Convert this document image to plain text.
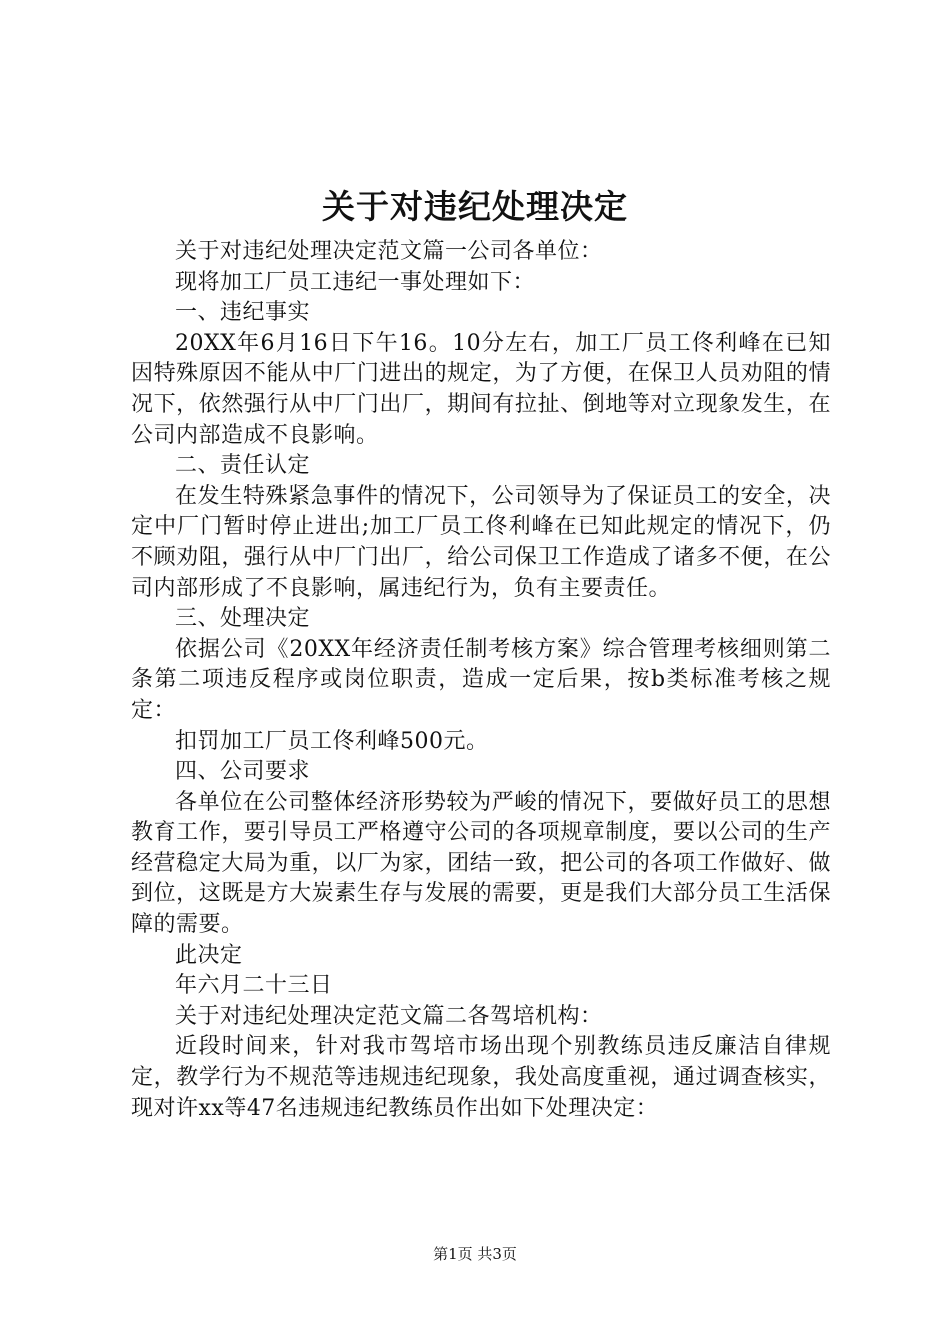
关于对违纪处理决定

关于对违纪处理决定范文篇一公司各单位：

现将加工厂员工违纪一事处理如下：

一、违纪事实

20XX年6月16日下午16。10分左右，加工厂员工佟利峰在已知因特殊原因不能从中厂门进出的规定，为了方便，在保卫人员劝阻的情况下，依然强行从中厂门出厂，期间有拉扯、倒地等对立现象发生，在公司内部造成不良影响。

二、责任认定

在发生特殊紧急事件的情况下，公司领导为了保证员工的安全，决定中厂门暂时停止进出;加工厂员工佟利峰在已知此规定的情况下，仍不顾劝阻，强行从中厂门出厂，给公司保卫工作造成了诸多不便，在公司内部形成了不良影响，属违纪行为，负有主要责任。

三、处理决定

依据公司《20XX年经济责任制考核方案》综合管理考核细则第二条第二项违反程序或岗位职责，造成一定后果，按b类标准考核之规定：

扣罚加工厂员工佟利峰500元。

四、公司要求

各单位在公司整体经济形势较为严峻的情况下，要做好员工的思想教育工作，要引导员工严格遵守公司的各项规章制度，要以公司的生产经营稳定大局为重，以厂为家，团结一致，把公司的各项工作做好、做到位，这既是方大炭素生存与发展的需要，更是我们大部分员工生活保障的需要。

此决定

年六月二十三日

关于对违纪处理决定范文篇二各驾培机构：

近段时间来，针对我市驾培市场出现个别教练员违反廉洁自律规定，教学行为不规范等违规违纪现象，我处高度重视，通过调查核实，现对许xx等47名违规违纪教练员作出如下处理决定：

第1页 共3页
